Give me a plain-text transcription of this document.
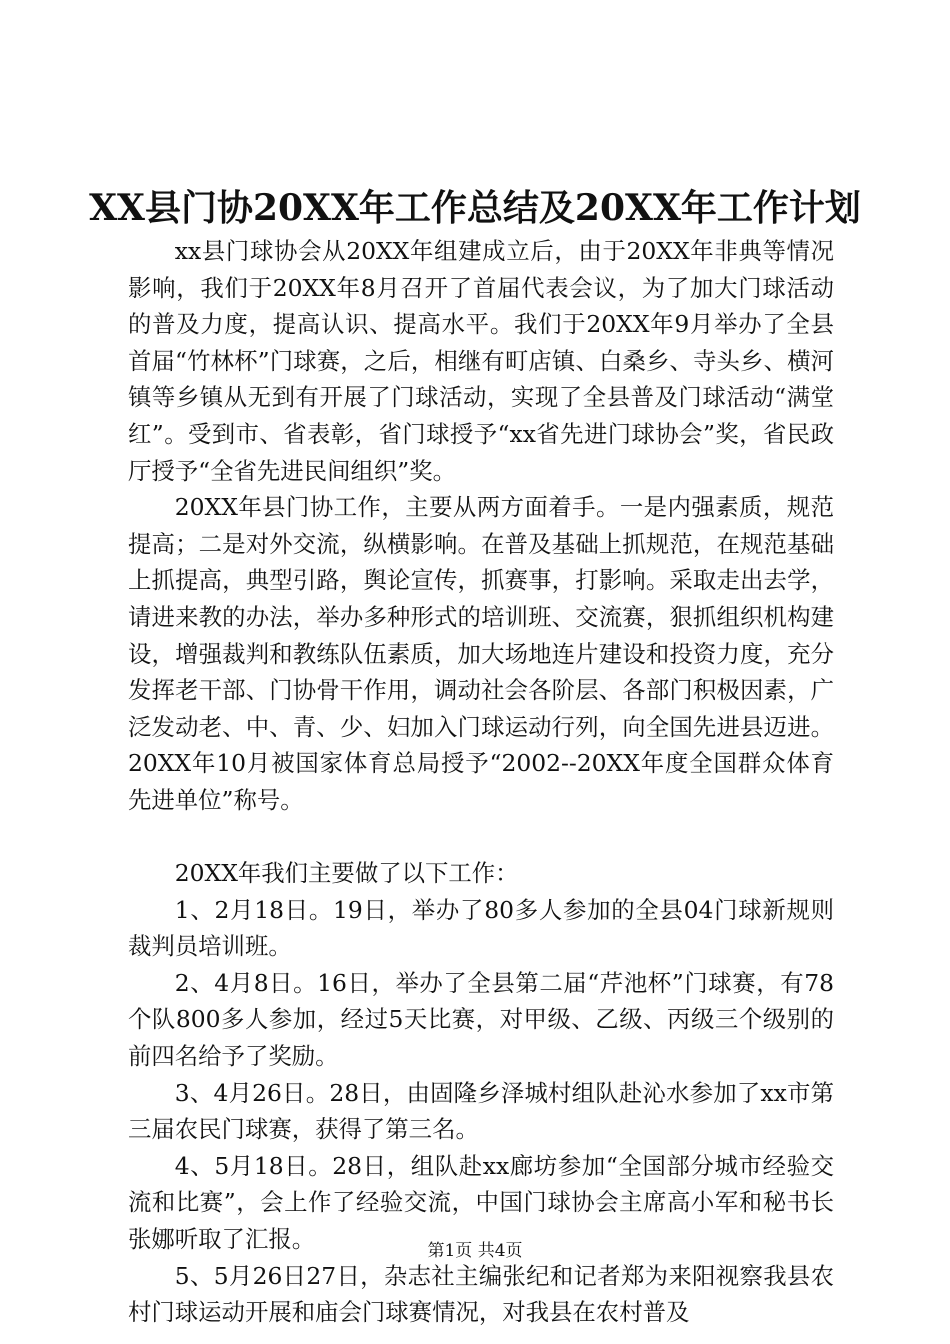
XX县门协20XX年工作总结及20XX年工作计划

xx县门球协会从20XX年组建成立后，由于20XX年非典等情况影响，我们于20XX年8月召开了首届代表会议，为了加大门球活动的普及力度，提高认识、提高水平。我们于20XX年9月举办了全县首届“竹林杯”门球赛，之后，相继有町店镇、白桑乡、寺头乡、横河镇等乡镇从无到有开展了门球活动，实现了全县普及门球活动“满堂红”。受到市、省表彰，省门球授予“xx省先进门球协会”奖，省民政厅授予“全省先进民间组织”奖。

20XX年县门协工作，主要从两方面着手。一是内强素质，规范提高；二是对外交流，纵横影响。在普及基础上抓规范，在规范基础上抓提高，典型引路，舆论宣传，抓赛事，打影响。采取走出去学，请进来教的办法，举办多种形式的培训班、交流赛，狠抓组织机构建设，增强裁判和教练队伍素质，加大场地连片建设和投资力度，充分发挥老干部、门协骨干作用，调动社会各阶层、各部门积极因素，广泛发动老、中、青、少、妇加入门球运动行列，向全国先进县迈进。20XX年10月被国家体育总局授予“2002--20XX年度全国群众体育先进单位”称号。

20XX年我们主要做了以下工作：

1、2月18日。19日，举办了80多人参加的全县04门球新规则裁判员培训班。

2、4月8日。16日，举办了全县第二届“芹池杯”门球赛，有78个队800多人参加，经过5天比赛，对甲级、乙级、丙级三个级别的前四名给予了奖励。

3、4月26日。28日，由固隆乡泽城村组队赴沁水参加了xx市第三届农民门球赛，获得了第三名。

4、5月18日。28日，组队赴xx廊坊参加“全国部分城市经验交流和比赛”，会上作了经验交流，中国门球协会主席高小军和秘书长张娜听取了汇报。

5、5月26日27日，杂志社主编张纪和记者郑为来阳视察我县农村门球运动开展和庙会门球赛情况，对我县在农村普及

第1页 共4页
